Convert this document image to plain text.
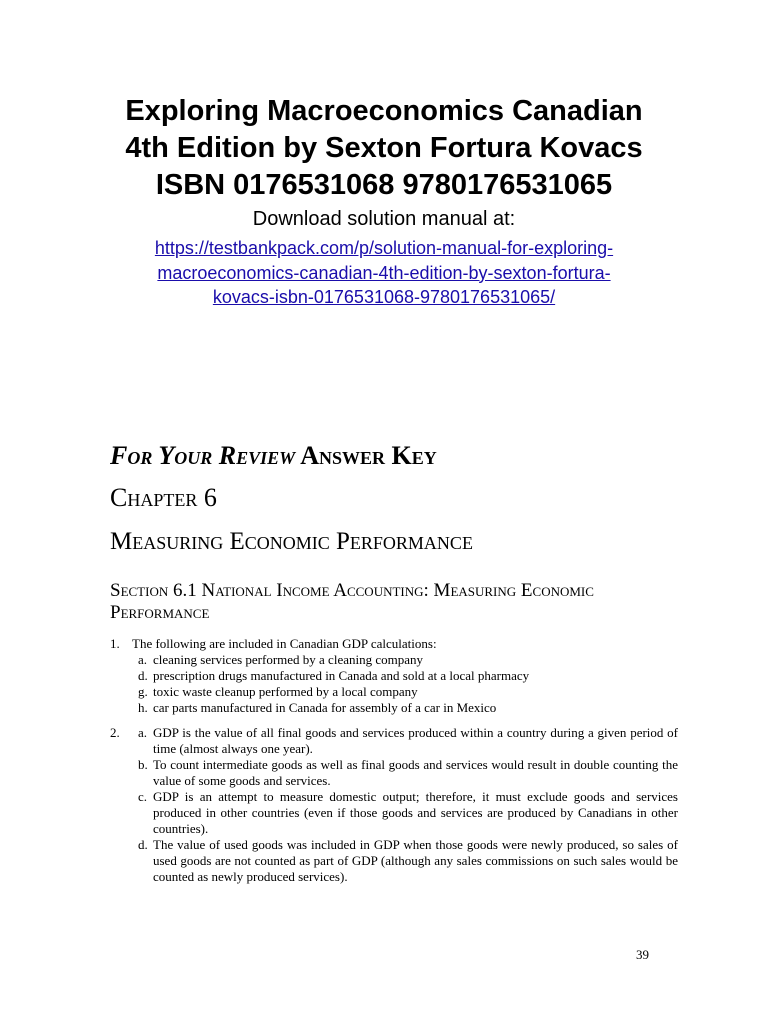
Exploring Macroeconomics Canadian
4th Edition by Sexton Fortura Kovacs
ISBN 0176531068 9780176531065
Download solution manual at:
https://testbankpack.com/p/solution-manual-for-exploring-
macroeconomics-canadian-4th-edition-by-sexton-fortura-
kovacs-isbn-0176531068-9780176531065/
For Your Review Answer Key
Chapter 6
Measuring Economic Performance
Section 6.1 National Income Accounting: Measuring Economic Performance
1. The following are included in Canadian GDP calculations:
a. cleaning services performed by a cleaning company
d. prescription drugs manufactured in Canada and sold at a local pharmacy
g. toxic waste cleanup performed by a local company
h. car parts manufactured in Canada for assembly of a car in Mexico
2. a. GDP is the value of all final goods and services produced within a country during a given period of time (almost always one year).
b. To count intermediate goods as well as final goods and services would result in double counting the value of some goods and services.
c. GDP is an attempt to measure domestic output; therefore, it must exclude goods and services produced in other countries (even if those goods and services are produced by Canadians in other countries).
d. The value of used goods was included in GDP when those goods were newly produced, so sales of used goods are not counted as part of GDP (although any sales commissions on such sales would be counted as newly produced services).
39
